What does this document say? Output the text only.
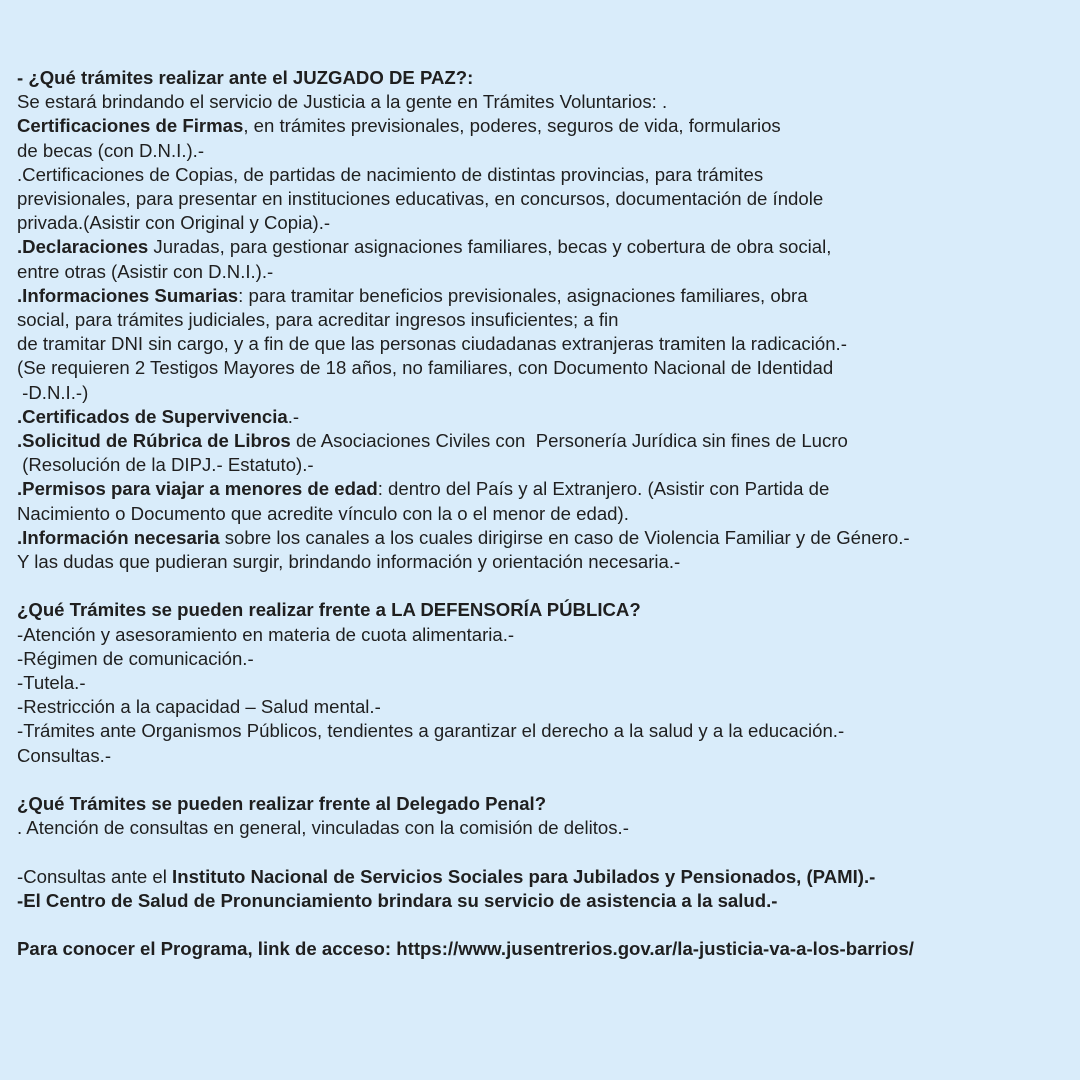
- ¿Qué trámites realizar ante el JUZGADO DE PAZ?:
Se estará brindando el servicio de Justicia a la gente en Trámites Voluntarios: .
Certificaciones de Firmas, en trámites previsionales, poderes, seguros de vida, formularios
de becas (con D.N.I.).-
.Certificaciones de Copias, de partidas de nacimiento de distintas provincias, para trámites
previsionales, para presentar en instituciones educativas, en concursos, documentación de índole
privada.(Asistir con Original y Copia).-
.Declaraciones Juradas, para gestionar asignaciones familiares, becas y cobertura de obra social,
entre otras (Asistir con D.N.I.).-
.Informaciones Sumarias: para tramitar beneficios previsionales, asignaciones familiares, obra
social, para trámites judiciales, para acreditar ingresos insuficientes; a fin
de tramitar DNI sin cargo, y a fin de que las personas ciudadanas extranjeras tramiten la radicación.-
(Se requieren 2 Testigos Mayores de 18 años, no familiares, con Documento Nacional de Identidad
-D.N.I.-)
.Certificados de Supervivencia.-
.Solicitud de Rúbrica de Libros de Asociaciones Civiles con  Personería Jurídica sin fines de Lucro
(Resolución de la DIPJ.- Estatuto).-
.Permisos para viajar a menores de edad: dentro del País y al Extranjero. (Asistir con Partida de
Nacimiento o Documento que acredite vínculo con la o el menor de edad).
.Información necesaria sobre los canales a los cuales dirigirse en caso de Violencia Familiar y de Género.-
Y las dudas que pudieran surgir, brindando información y orientación necesaria.-
¿Qué Trámites se pueden realizar frente a LA DEFENSORÍA PÚBLICA?
-Atención y asesoramiento en materia de cuota alimentaria.-
-Régimen de comunicación.-
-Tutela.-
-Restricción a la capacidad – Salud mental.-
-Trámites ante Organismos Públicos, tendientes a garantizar el derecho a la salud y a la educación.-
Consultas.-
¿Qué Trámites se pueden realizar frente al Delegado Penal?
. Atención de consultas en general, vinculadas con la comisión de delitos.-
-Consultas ante el Instituto Nacional de Servicios Sociales para Jubilados y Pensionados, (PAMI).-
-El Centro de Salud de Pronunciamiento brindara su servicio de asistencia a la salud.-
Para conocer el Programa, link de acceso: https://www.jusentrerios.gov.ar/la-justicia-va-a-los-barrios/
